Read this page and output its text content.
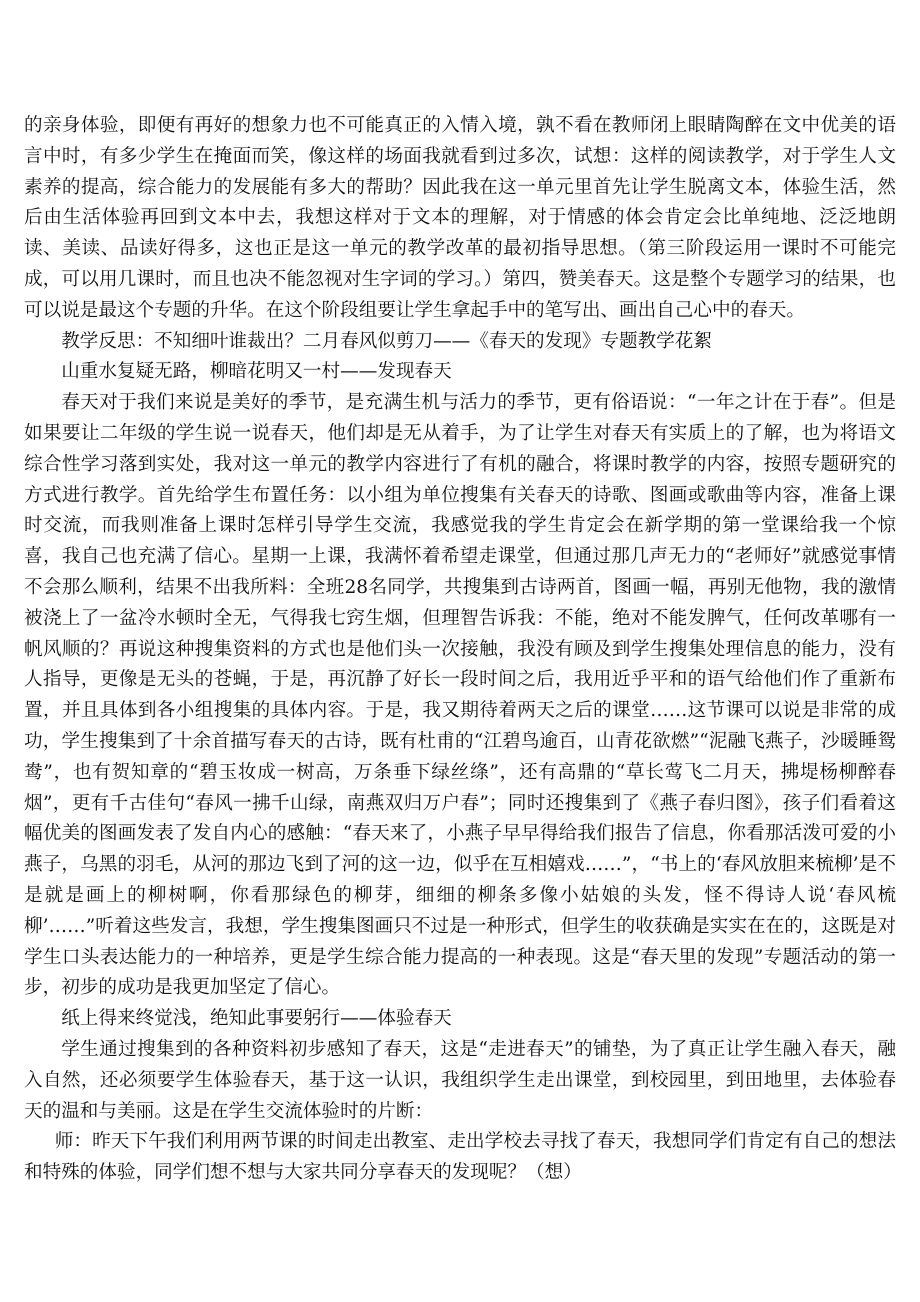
的亲身体验，即便有再好的想象力也不可能真正的入情入境，孰不看在教师闭上眼睛陶醉在文中优美的语言中时，有多少学生在掩面而笑，像这样的场面我就看到过多次，试想：这样的阅读教学，对于学生人文素养的提高，综合能力的发展能有多大的帮助？因此我在这一单元里首先让学生脱离文本，体验生活，然后由生活体验再回到文本中去，我想这样对于文本的理解，对于情感的体会肯定会比单纯地、泛泛地朗读、美读、品读好得多，这也正是这一单元的教学改革的最初指导思想。（第三阶段运用一课时不可能完成，可以用几课时，而且也决不能忽视对生字词的学习。）第四，赞美春天。这是整个专题学习的结果，也可以说是最这个专题的升华。在这个阶段组要让学生拿起手中的笔写出、画出自己心中的春天。

教学反思：不知细叶谁裁出？二月春风似剪刀——《春天的发现》专题教学花絮

山重水复疑无路，柳暗花明又一村——发现春天

春天对于我们来说是美好的季节，是充满生机与活力的季节，更有俗语说：“一年之计在于春”。但是如果要让二年级的学生说一说春天，他们却是无从着手，为了让学生对春天有实质上的了解，也为将语文综合性学习落到实处，我对这一单元的教学内容进行了有机的融合，将课时教学的内容，按照专题研究的方式进行教学。首先给学生布置任务：以小组为单位搜集有关春天的诗歌、图画或歌曲等内容，准备上课时交流，而我则准备上课时怎样引导学生交流，我感觉我的学生肯定会在新学期的第一堂课给我一个惊喜，我自己也充满了信心。星期一上课，我满怀着希望走课堂，但通过那几声无力的“老师好”就感觉事情不会那么顺利，结果不出我所料：全班28名同学，共搜集到古诗两首，图画一幅，再别无他物，我的激情被浇上了一盆冷水顿时全无，气得我七窍生烟，但理智告诉我：不能，绝对不能发脾气，任何改革哪有一帆风顺的？再说这种搜集资料的方式也是他们头一次接触，我没有顾及到学生搜集处理信息的能力，没有人指导，更像是无头的苍蝇，于是，再沉静了好长一段时间之后，我用近乎平和的语气给他们作了重新布置，并且具体到各小组搜集的具体内容。于是，我又期待着两天之后的课堂……这节课可以说是非常的成功，学生搜集到了十余首描写春天的古诗，既有杜甫的“江碧鸟逾百，山青花欲燃”“泥融飞燕子，沙暖睡鸳鸯”，也有贺知章的“碧玉妆成一树高，万条垂下绿丝绦”，还有高鼎的“草长莺飞二月天，拂堤杨柳醉春烟”，更有千古佳句“春风一拂千山绿，南燕双归万户春”；同时还搜集到了《燕子春归图》，孩子们看着这幅优美的图画发表了发自内心的感触：“春天来了，小燕子早早得给我们报告了信息，你看那活泼可爱的小燕子，乌黑的羽毛，从河的那边飞到了河的这一边，似乎在互相嬉戏……”，“书上的‘春风放胆来梳柳’是不是就是画上的柳树啊，你看那绿色的柳芽，细细的柳条多像小姑娘的头发，怪不得诗人说‘春风梳柳’……”听着这些发言，我想，学生搜集图画只不过是一种形式，但学生的收获确是实实在在的，这既是对学生口头表达能力的一种培养，更是学生综合能力提高的一种表现。这是“春天里的发现”专题活动的第一步，初步的成功是我更加坚定了信心。

纸上得来终觉浅，绝知此事要躬行——体验春天

学生通过搜集到的各种资料初步感知了春天，这是“走进春天”的铺垫，为了真正让学生融入春天，融入自然，还必须要学生体验春天，基于这一认识，我组织学生走出课堂，到校园里，到田地里，去体验春天的温和与美丽。这是在学生交流体验时的片断：

师：昨天下午我们利用两节课的时间走出教室、走出学校去寻找了春天，我想同学们肯定有自己的想法和特殊的体验，同学们想不想与大家共同分享春天的发现呢？（想）
